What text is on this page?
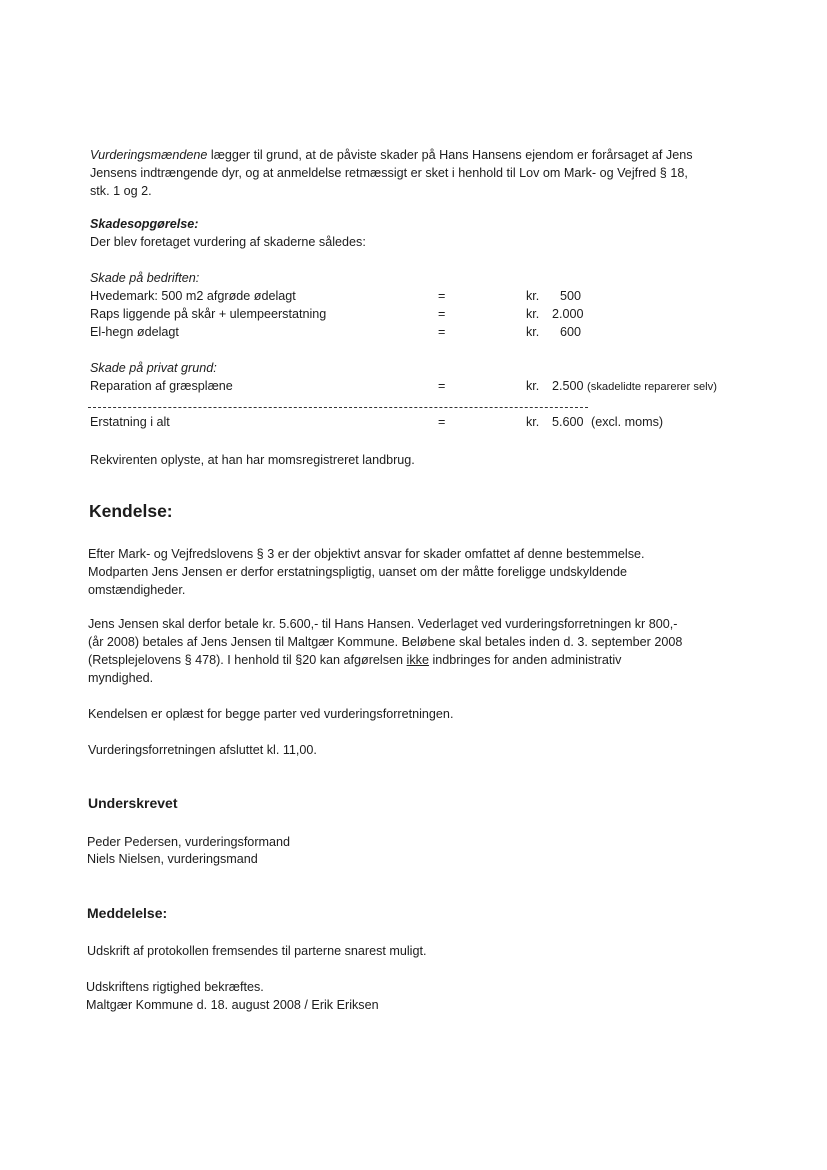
Vurderingsmændene lægger til grund, at de påviste skader på Hans Hansens ejendom er forårsaget af Jens
Jensens indtrængende dyr, og at anmeldelse retmæssigt er sket i henhold til Lov om Mark- og Vejfred § 18,
stk. 1 og 2.
Skadesopgørelse:
Der blev foretaget vurdering af skaderne således:
Skade på bedriften:
Hvedemark: 500 m2 afgrøde ødelagt	=	kr. 500
Raps liggende på skår + ulempeerstatning	=	kr. 2.000
El-hegn ødelagt	=	kr. 600
Skade på privat grund:
Reparation af græsplæne	=	kr. 2.500 (skadelidte reparerer selv)
Erstatning i alt	=	kr. 5.600 (excl. moms)
Rekvirenten oplyste, at han har momsregistreret landbrug.
Kendelse:
Efter Mark- og Vejfredslovens § 3 er der objektivt ansvar for skader omfattet af denne bestemmelse.
Modparten Jens Jensen er derfor erstatningspligtig, uanset om der måtte foreligge undskyldende
omstændigheder.
Jens Jensen skal derfor betale kr. 5.600,- til Hans Hansen. Vederlaget ved vurderingsforretningen kr 800,-
(år 2008) betales af Jens Jensen til Maltgær Kommune. Beløbene skal betales inden d. 3. september 2008
(Retsplejelovens § 478). I henhold til §20 kan afgørelsen ikke indbringes for anden administrativ
myndighed.
Kendelsen er oplæst for begge parter ved vurderingsforretningen.
Vurderingsforretningen afsluttet kl. 11,00.
Underskrevet
Peder Pedersen, vurderingsformand
Niels Nielsen, vurderingsmand
Meddelelse:
Udskrift af protokollen fremsendes til parterne snarest muligt.
Udskriftens rigtighed bekræftes.
Maltgær Kommune d. 18. august 2008 / Erik Eriksen
